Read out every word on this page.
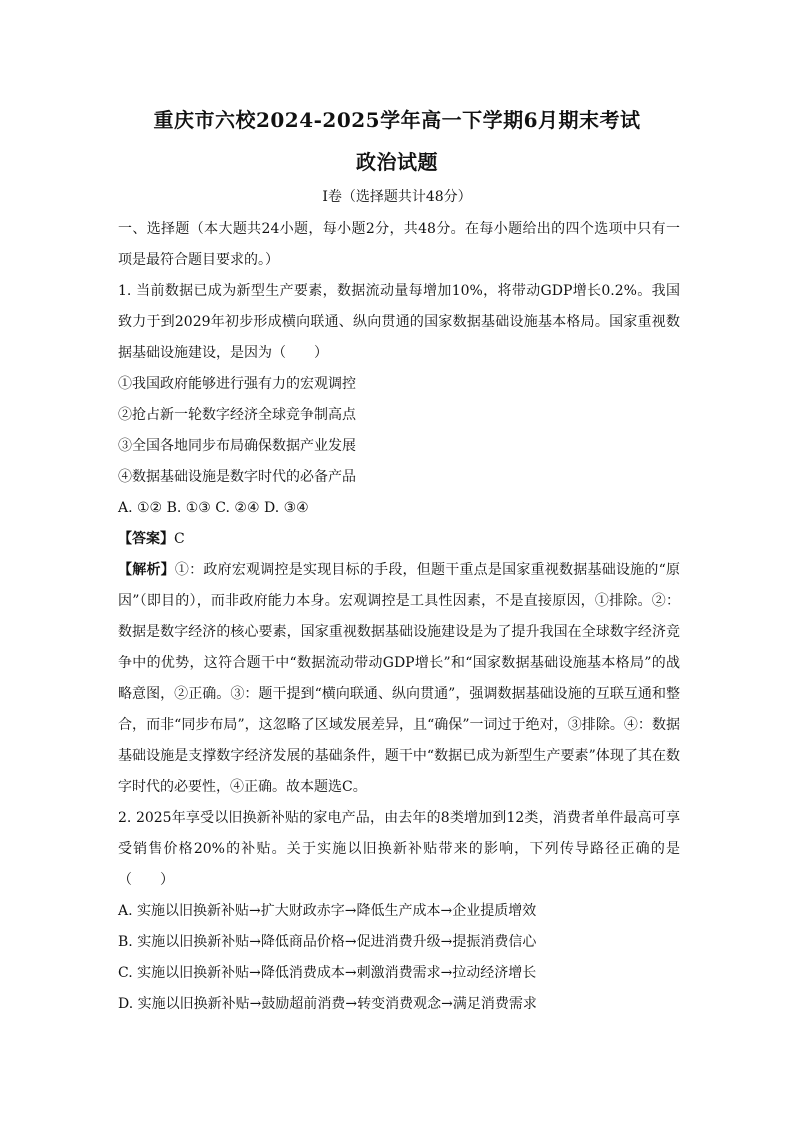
重庆市六校2024-2025学年高一下学期6月期末考试
政治试题
I卷（选择题共计48分）

一、选择题（本大题共24小题，每小题2分，共48分。在每小题给出的四个选项中只有一项是最符合题目要求的。）

1. 当前数据已成为新型生产要素，数据流动量每增加10%，将带动GDP增长0.2%。我国致力于到2029年初步形成横向联通、纵向贯通的国家数据基础设施基本格局。国家重视数据基础设施建设，是因为（　　）

①我国政府能够进行强有力的宏观调控

②抢占新一轮数字经济全球竞争制高点

③全国各地同步布局确保数据产业发展

④数据基础设施是数字时代的必备产品

A. ①② B. ①③ C. ②④ D. ③④

【答案】C

【解析】①：政府宏观调控是实现目标的手段，但题干重点是国家重视数据基础设施的“原因”（即目的），而非政府能力本身。宏观调控是工具性因素，不是直接原因，①排除。②：数据是数字经济的核心要素，国家重视数据基础设施建设是为了提升我国在全球数字经济竞争中的优势，这符合题干中“数据流动带动GDP增长”和“国家数据基础设施基本格局”的战略意图，②正确。③：题干提到“横向联通、纵向贯通”，强调数据基础设施的互联互通和整合，而非“同步布局”，这忽略了区域发展差异，且“确保”一词过于绝对，③排除。④：数据基础设施是支撑数字经济发展的基础条件，题干中“数据已成为新型生产要素”体现了其在数字时代的必要性，④正确。故本题选C。

2. 2025年享受以旧换新补贴的家电产品，由去年的8类增加到12类，消费者单件最高可享受销售价格20%的补贴。关于实施以旧换新补贴带来的影响，下列传导路径正确的是（　　）

A. 实施以旧换新补贴→扩大财政赤字→降低生产成本→企业提质增效

B. 实施以旧换新补贴→降低商品价格→促进消费升级→提振消费信心

C. 实施以旧换新补贴→降低消费成本→刺激消费需求→拉动经济增长

D. 实施以旧换新补贴→鼓励超前消费→转变消费观念→满足消费需求
